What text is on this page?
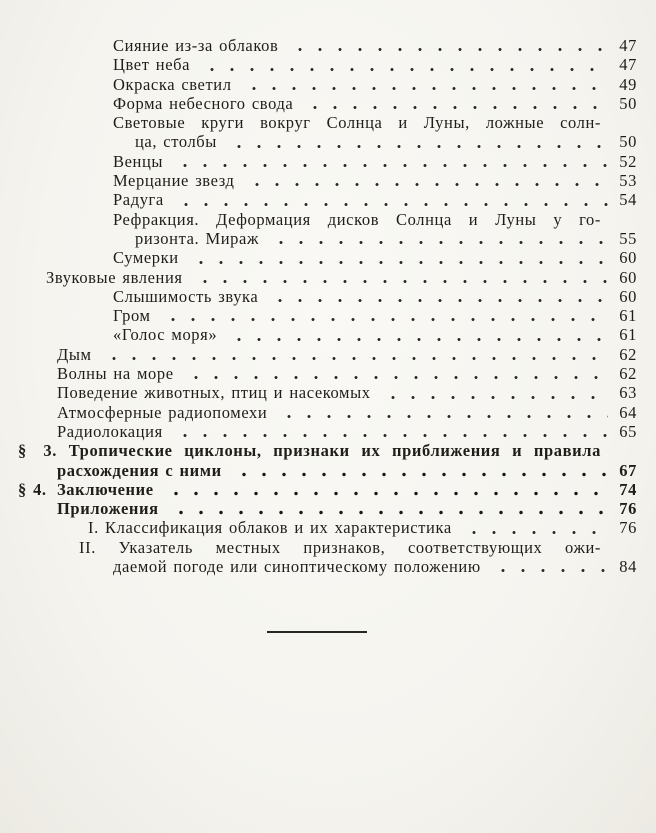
Сияние из-за облаков	47
Цвет неба	47
Окраска светил	49
Форма небесного свода	50
Световые круги вокруг Солнца и Луны, ложные солн-
ца, столбы	50
Венцы	52
Мерцание звезд	53
Радуга	54
Рефракция. Деформация дисков Солнца и Луны у го-
ризонта. Мираж	55
Сумерки	60
Звуковые явления	60
Слышимость звука	60
Гром	61
«Голос моря»	61
Дым	62
Волны на море	62
Поведение животных, птиц и насекомых	63
Атмосферные радиопомехи	64
Радиолокация	65
§ 3. Тропические циклоны, признаки их приближения и правила
расхождения с ними	67
§ 4. Заключение	74
Приложения	76
I. Классификация облаков и их характеристика	76
II. Указатель местных признаков, соответствующих ожи-
даемой погоде или синоптическому положению	84
